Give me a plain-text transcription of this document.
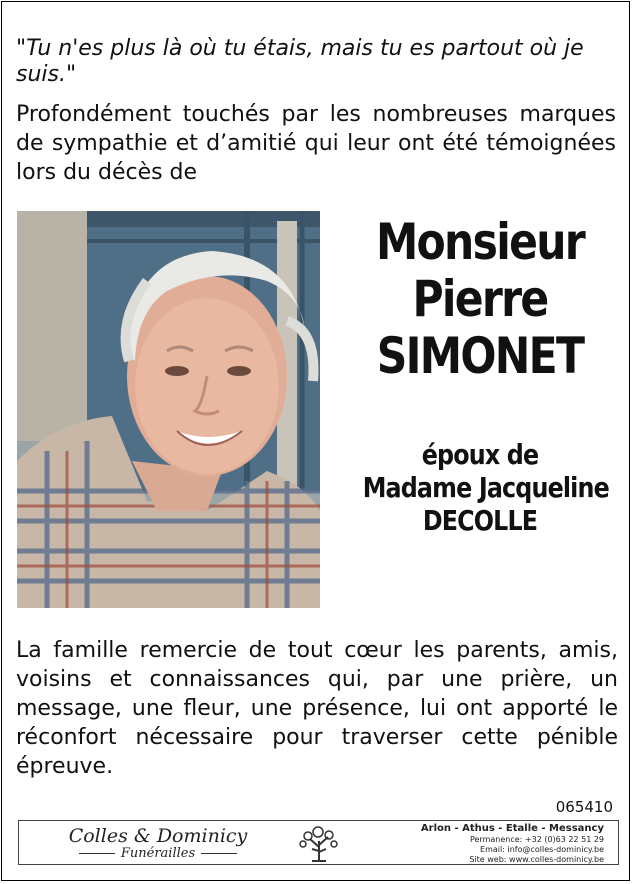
"Tu n'es plus là où tu étais, mais tu es partout où je suis."
Profondément touchés par les nombreuses marques de sympathie et d’amitié qui leur ont été témoignées lors du décès de
Monsieur
Pierre
SIMONET
époux de
Madame Jacqueline
DECOLLE
La famille remercie de tout cœur les parents, amis, voisins et connaissances qui, par une prière, un message, une fleur, une présence, lui ont apporté le réconfort nécessaire pour traverser cette pénible épreuve.
065410
Colles & Dominicy
Funérailles
Arlon - Athus - Etalle - Messancy
Permanence: +32 (0)63 22 51 29
Email: info@colles-dominicy.be
Site web: www.colles-dominicy.be
